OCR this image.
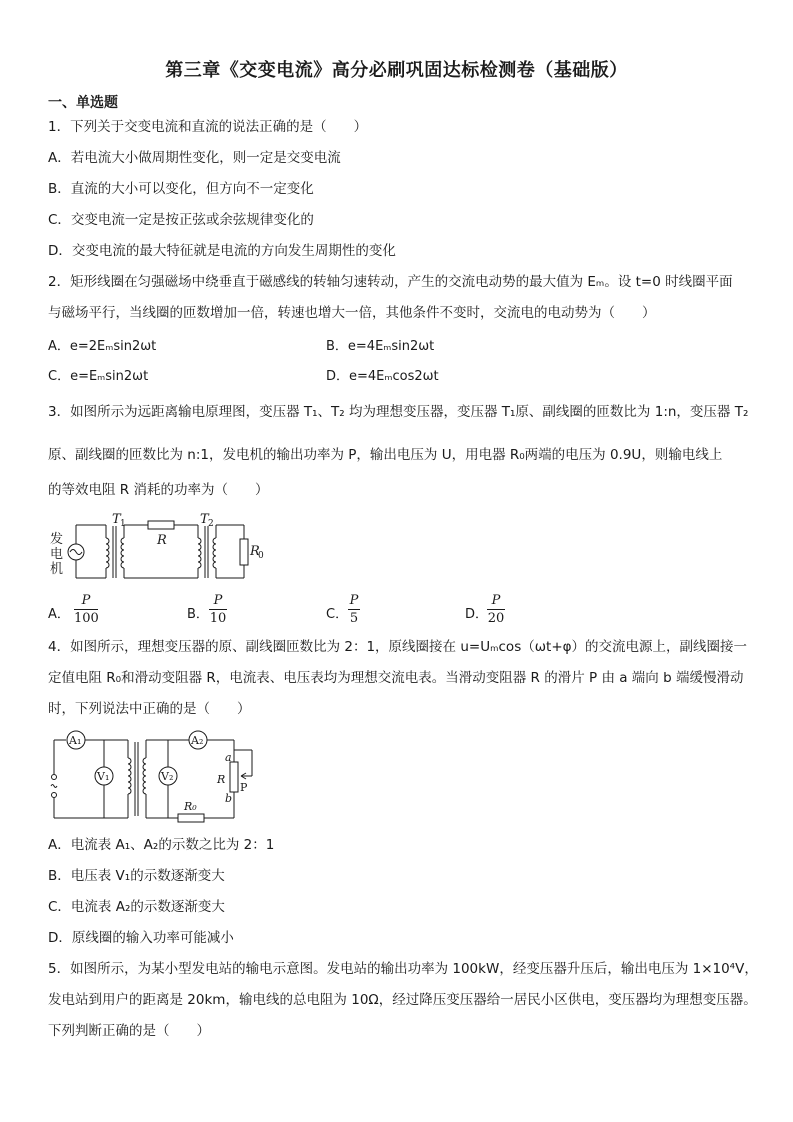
第三章《交变电流》高分必刷巩固达标检测卷（基础版）
一、单选题
1．下列关于交变电流和直流的说法正确的是（　　）
A．若电流大小做周期性变化，则一定是交变电流
B．直流的大小可以变化，但方向不一定变化
C．交变电流一定是按正弦或余弦规律变化的
D．交变电流的最大特征就是电流的方向发生周期性的变化
2．矩形线圈在匀强磁场中绕垂直于磁感线的转轴匀速转动，产生的交流电动势的最大值为 Eₘ。设 t=0 时线圈平面
与磁场平行，当线圈的匝数增加一倍，转速也增大一倍，其他条件不变时，交流电的电动势为（　　）
A．e=2Eₘsin2ωt	B．e=4Eₘsin2ωt
C．e=Eₘsin2ωt	D．e=4Eₘcos2ωt
3．如图所示为远距离输电原理图，变压器 T₁、T₂ 均为理想变压器，变压器 T₁原、副线圈的匝数比为 1:n，变压器 T₂
原、副线圈的匝数比为 n:1，发电机的输出功率为 P，输出电压为 U，用电器 R₀两端的电压为 0.9U，则输电线上
的等效电阻 R 消耗的功率为（　　）
发
电
机
T 1
R
T 2
R
0
A．
P
100	B．
P
10	C．
P
5	D．
P
20
4．如图所示，理想变压器的原、副线圈匝数比为 2：1，原线圈接在 u=Uₘcos（ωt+φ）的交流电源上，副线圈接一
定值电阻 R₀和滑动变阻器 R，电流表、电压表均为理想交流电表。当滑动变阻器 R 的滑片 P 由 a 端向 b 端缓慢滑动
时，下列说法中正确的是（　　）
A₁	A₂
V₁	V₂
a
b
R
P
R₀
A．电流表 A₁、A₂的示数之比为 2：1
B．电压表 V₁的示数逐渐变大
C．电流表 A₂的示数逐渐变大
D．原线圈的输入功率可能减小
5．如图所示，为某小型发电站的输电示意图。发电站的输出功率为 100kW，经变压器升压后，输出电压为 1×10⁴V，
发电站到用户的距离是 20km，输电线的总电阻为 10Ω，经过降压变压器给一居民小区供电，变压器均为理想变压器。
下列判断正确的是（　　）
